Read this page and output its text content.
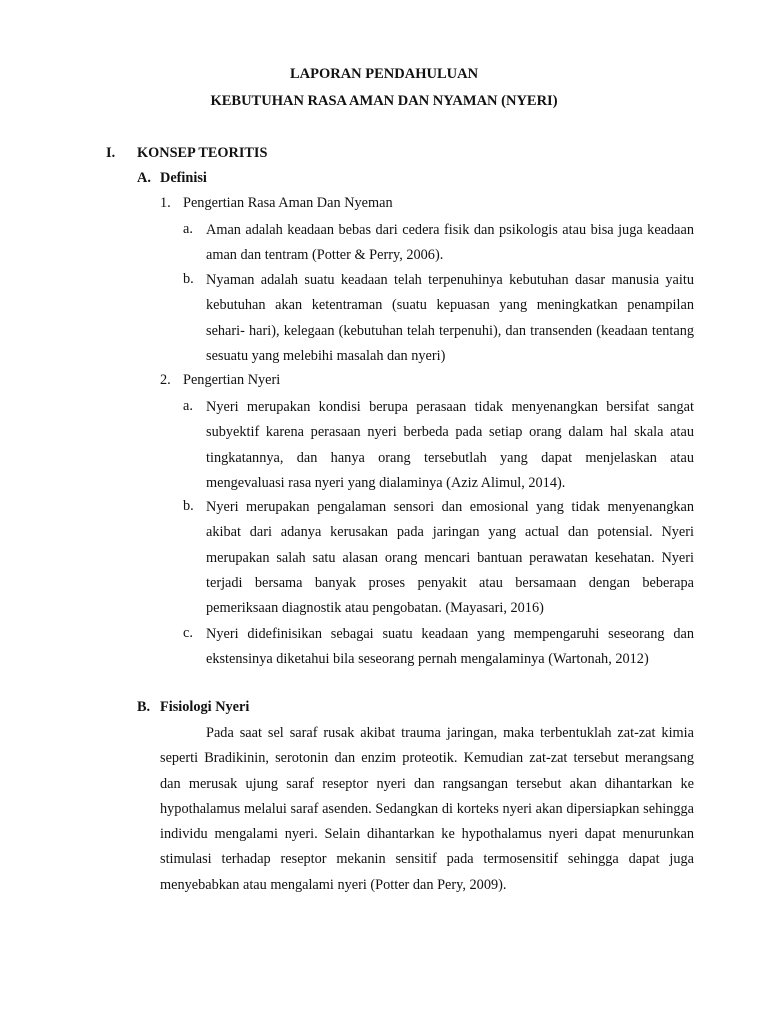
LAPORAN PENDAHULUAN

KEBUTUHAN RASA AMAN DAN NYAMAN (NYERI)

I. KONSEP TEORITIS

A. Definisi

1. Pengertian Rasa Aman Dan Nyeman

a. Aman adalah keadaan bebas dari cedera fisik dan psikologis atau bisa juga keadaan aman dan tentram (Potter & Perry, 2006).

b. Nyaman adalah suatu keadaan telah terpenuhinya kebutuhan dasar manusia yaitu kebutuhan akan ketentraman (suatu kepuasan yang meningkatkan penampilan sehari- hari), kelegaan (kebutuhan telah terpenuhi), dan transenden (keadaan tentang sesuatu yang melebihi masalah dan nyeri)

2. Pengertian Nyeri

a. Nyeri merupakan kondisi berupa perasaan tidak menyenangkan bersifat sangat subyektif karena perasaan nyeri berbeda pada setiap orang dalam hal skala atau tingkatannya, dan hanya orang tersebutlah yang dapat menjelaskan atau mengevaluasi rasa nyeri yang dialaminya (Aziz Alimul, 2014).

b. Nyeri merupakan pengalaman sensori dan emosional yang tidak menyenangkan akibat dari adanya kerusakan pada jaringan yang actual dan potensial. Nyeri merupakan salah satu alasan orang mencari bantuan perawatan kesehatan. Nyeri terjadi bersama banyak proses penyakit atau bersamaan dengan beberapa pemeriksaan diagnostik atau pengobatan. (Mayasari, 2016)

c. Nyeri didefinisikan sebagai suatu keadaan yang mempengaruhi seseorang dan ekstensinya diketahui bila seseorang pernah mengalaminya (Wartonah, 2012)

B. Fisiologi Nyeri

Pada saat sel saraf rusak akibat trauma jaringan, maka terbentuklah zat-zat kimia seperti Bradikinin, serotonin dan enzim proteotik. Kemudian zat-zat tersebut merangsang dan merusak ujung saraf reseptor nyeri dan rangsangan tersebut akan dihantarkan ke hypothalamus melalui saraf asenden. Sedangkan di korteks nyeri akan dipersiapkan sehingga individu mengalami nyeri. Selain dihantarkan ke hypothalamus nyeri dapat menurunkan stimulasi terhadap reseptor mekanin sensitif pada termosensitif sehingga dapat juga menyebabkan atau mengalami nyeri (Potter dan Pery, 2009).
